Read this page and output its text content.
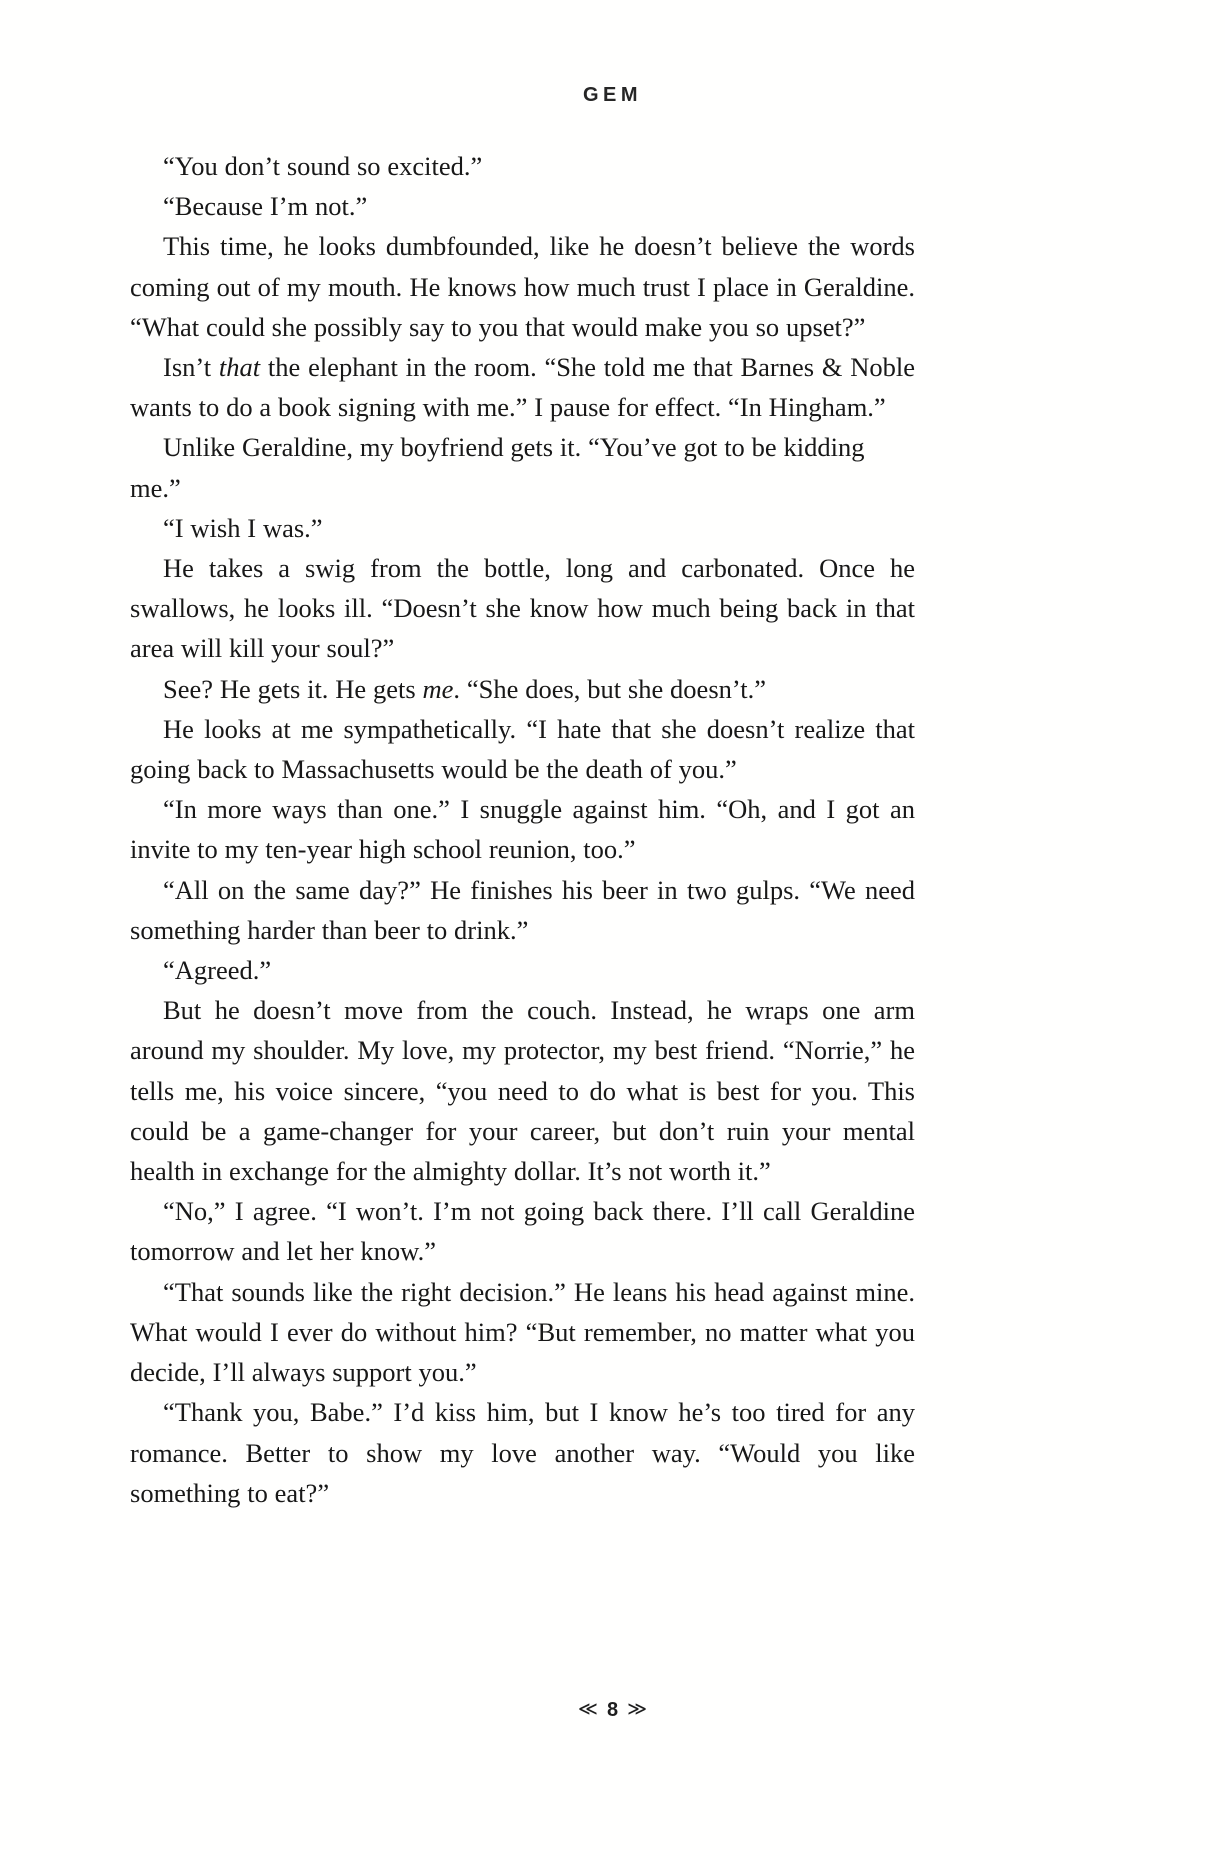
GEM

“You don’t sound so excited.”

“Because I’m not.”

This time, he looks dumbfounded, like he doesn’t believe the words coming out of my mouth. He knows how much trust I place in Geraldine. “What could she possibly say to you that would make you so upset?”

Isn’t that the elephant in the room. “She told me that Barnes & Noble wants to do a book signing with me.” I pause for effect. “In Hingham.”

Unlike Geraldine, my boyfriend gets it. “You’ve got to be kidding me.”

“I wish I was.”

He takes a swig from the bottle, long and carbonated. Once he swallows, he looks ill. “Doesn’t she know how much being back in that area will kill your soul?”

See? He gets it. He gets me. “She does, but she doesn’t.”

He looks at me sympathetically. “I hate that she doesn’t realize that going back to Massachusetts would be the death of you.”

“In more ways than one.” I snuggle against him. “Oh, and I got an invite to my ten-year high school reunion, too.”

“All on the same day?” He finishes his beer in two gulps. “We need something harder than beer to drink.”

“Agreed.”

But he doesn’t move from the couch. Instead, he wraps one arm around my shoulder. My love, my protector, my best friend. “Norrie,” he tells me, his voice sincere, “you need to do what is best for you. This could be a game-changer for your career, but don’t ruin your mental health in exchange for the almighty dollar. It’s not worth it.”

“No,” I agree. “I won’t. I’m not going back there. I’ll call Geraldine tomorrow and let her know.”

“That sounds like the right decision.” He leans his head against mine. What would I ever do without him? “But remember, no matter what you decide, I’ll always support you.”

“Thank you, Babe.” I’d kiss him, but I know he’s too tired for any romance. Better to show my love another way. “Would you like something to eat?”

≪ 8 ≫
